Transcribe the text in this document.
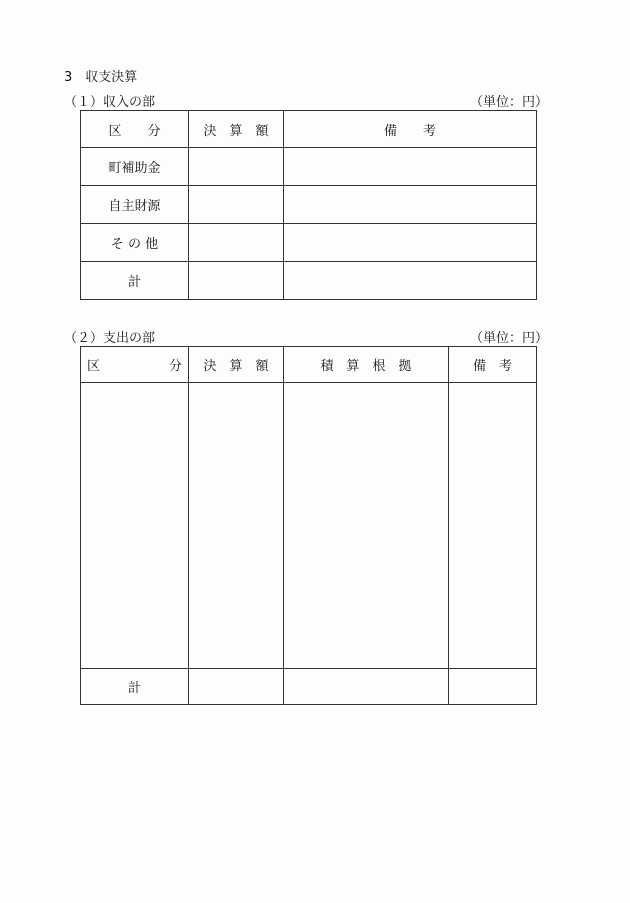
3　収支決算
（１）収入の部	（単位：円）
区　　分	決　算　額	備　　考
町補助金		
自主財源		
そ の 他		
計		
（２）支出の部	（単位：円）
区 分	決　算　額	積　算　根　拠	備　考

計			
